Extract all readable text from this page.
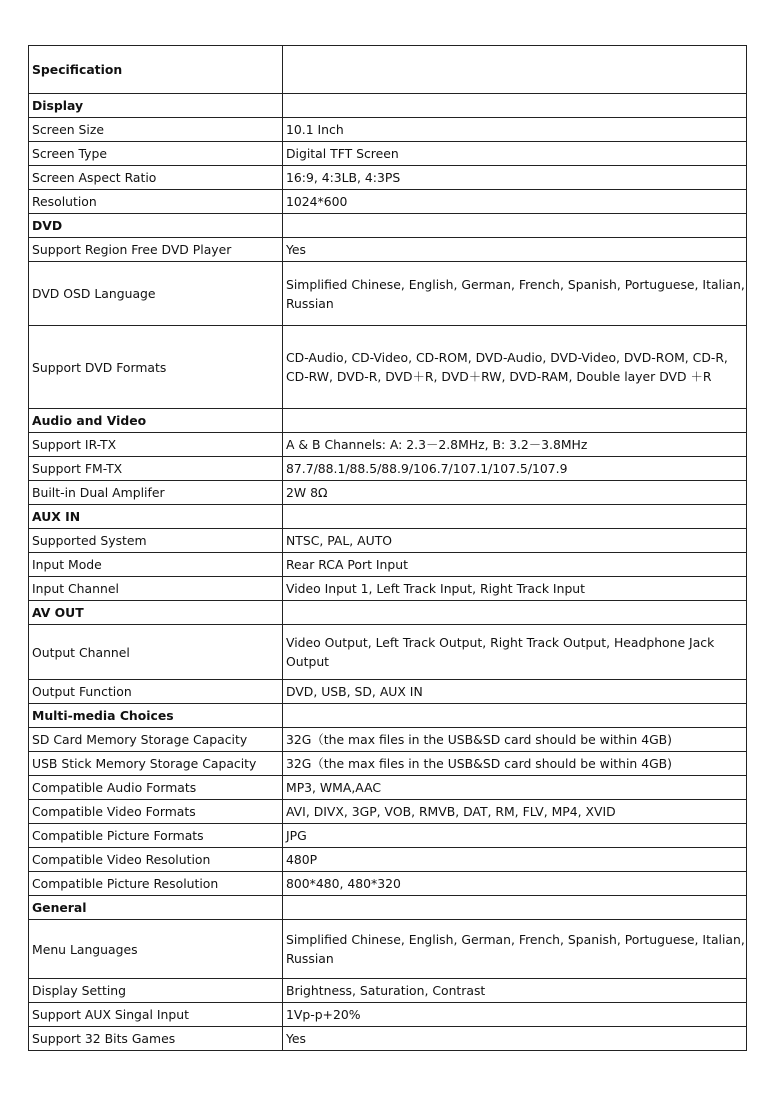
Specification	
Display	
Screen Size	10.1 Inch
Screen Type	Digital TFT Screen
Screen Aspect Ratio	16:9, 4:3LB, 4:3PS
Resolution	1024*600
DVD	
Support Region Free DVD Player	Yes
DVD OSD Language	Simplified Chinese, English, German, French, Spanish, Portuguese, Italian, Russian
Support DVD Formats	CD-Audio, CD-Video, CD-ROM, DVD-Audio, DVD-Video, DVD-ROM, CD-R, CD-RW, DVD-R, DVD＋R, DVD＋RW, DVD-RAM, Double layer DVD ＋R
Audio and Video	
Support IR-TX	A & B Channels: A: 2.3－2.8MHz, B: 3.2－3.8MHz
Support FM-TX	87.7/88.1/88.5/88.9/106.7/107.1/107.5/107.9
Built-in Dual Amplifer	2W 8Ω
AUX IN	
Supported System	NTSC, PAL, AUTO
Input Mode	Rear RCA Port Input
Input Channel	Video Input 1, Left Track Input, Right Track Input
AV OUT	
Output Channel	Video Output, Left Track Output, Right Track Output, Headphone Jack Output
Output Function	DVD, USB, SD, AUX IN
Multi-media Choices	
SD Card Memory Storage Capacity	32G（the max files in the USB&SD card should be within 4GB)
USB Stick Memory Storage Capacity	32G（the max files in the USB&SD card should be within 4GB)
Compatible Audio Formats	MP3, WMA,AAC
Compatible Video Formats	AVI, DIVX, 3GP, VOB, RMVB, DAT, RM, FLV, MP4, XVID
Compatible Picture Formats	JPG
Compatible Video Resolution	480P
Compatible Picture Resolution	800*480, 480*320
General	
Menu Languages	Simplified Chinese, English, German, French, Spanish, Portuguese, Italian, Russian
Display Setting	Brightness, Saturation, Contrast
Support AUX Singal Input	1Vp-p+20%
Support 32 Bits Games	Yes
